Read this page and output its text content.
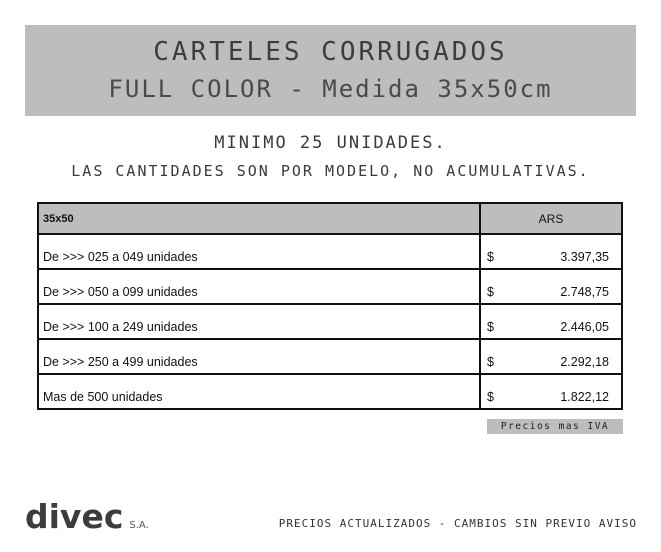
CARTELES CORRUGADOS
FULL COLOR - Medida 35x50cm
MINIMO 25 UNIDADES.
LAS CANTIDADES SON POR MODELO, NO ACUMULATIVAS.
35x50	ARS
De >>> 025 a 049 unidades	$ 3.397,35

De >>> 050 a 099 unidades	$ 2.748,75

De >>> 100 a 249 unidades	$ 2.446,05

De >>> 250 a 499 unidades	$ 2.292,18

Mas de 500 unidades	$ 1.822,12
Precios mas IVA
divec S.A.	PRECIOS ACTUALIZADOS - CAMBIOS SIN PREVIO AVISO
